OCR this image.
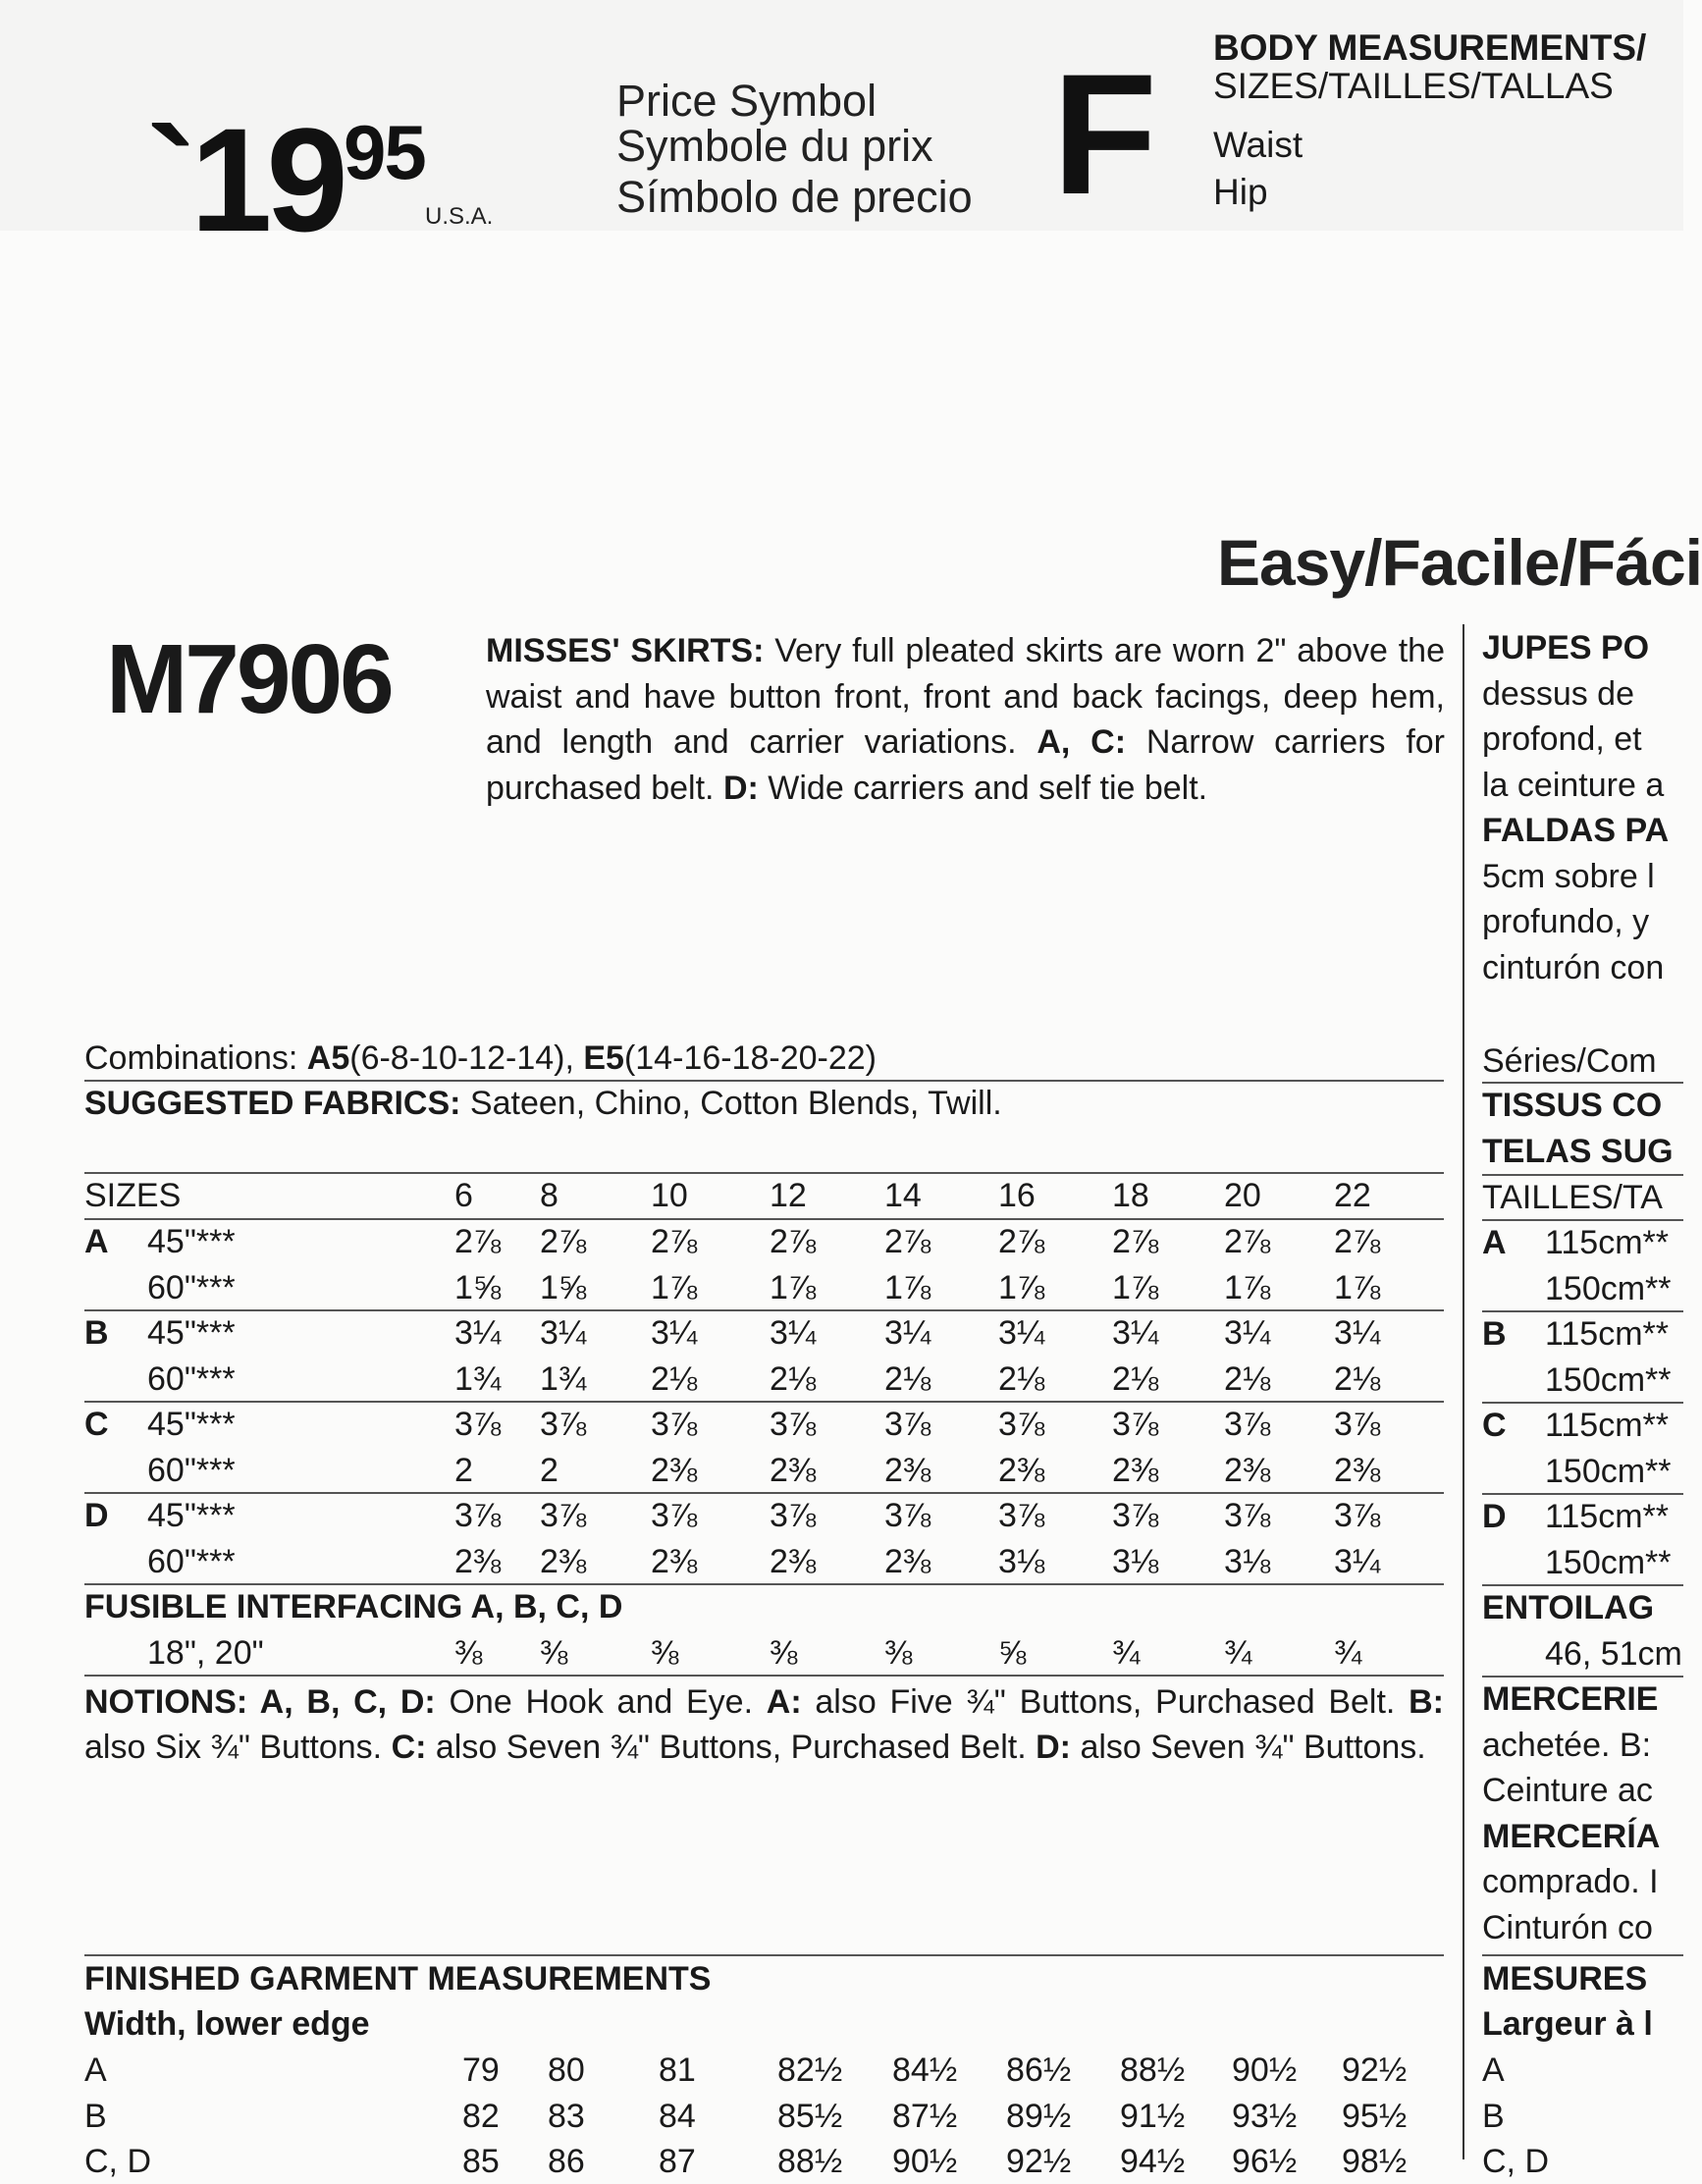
`19 95
U.S.A.
Price Symbol
Symbole du prix
Símbolo de precio F BODY MEASUREMENTS/
SIZES/TAILLES/TALLAS
Waist
Hip
Easy/Facile/Fáci
M7906	MISSES' SKIRTS: Very full pleated skirts are worn 2" above the waist and have button front, front and back facings, deep hem, and length and carrier variations. A, C: Narrow carriers for purchased belt. D: Wide carriers and self tie belt.
Combinations: A5(6-8-10-12-14), E5(14-16-18-20-22)
SUGGESTED FABRICS: Sateen, Chino, Cotton Blends, Twill.
SIZES	6 8	10 12 14 16 18 20 22
A 45"***	2⅞ 2⅞ 2⅞ 2⅞ 2⅞ 2⅞ 2⅞ 2⅞ 2⅞
60"***	1⅝ 1⅝ 1⅞ 1⅞ 1⅞ 1⅞ 1⅞ 1⅞ 1⅞
B 45"***	3¼ 3¼ 3¼ 3¼ 3¼ 3¼ 3¼ 3¼ 3¼
60"***	1¾ 1¾ 2⅛ 2⅛ 2⅛ 2⅛ 2⅛ 2⅛ 2⅛
C 45"***	3⅞ 3⅞ 3⅞ 3⅞ 3⅞ 3⅞ 3⅞ 3⅞ 3⅞
60"***	2 2	2⅜ 2⅜ 2⅜ 2⅜ 2⅜ 2⅜ 2⅜
D 45"***	3⅞ 3⅞ 3⅞ 3⅞ 3⅞ 3⅞ 3⅞ 3⅞ 3⅞
60"***	2⅜ 2⅜ 2⅜ 2⅜ 2⅜ 3⅛ 3⅛ 3⅛ 3¼
FUSIBLE INTERFACING A, B, C, D
18", 20"	⅜ ⅜ ⅜	⅜	⅜	⅝	¾	¾ ¾
NOTIONS: A, B, C, D: One Hook and Eye. A: also Five ¾" Buttons, Purchased Belt. B: also Six ¾" Buttons. C: also Seven ¾" Buttons, Purchased Belt. D: also Seven ¾" Buttons.
FINISHED GARMENT MEASUREMENTS
Width, lower edge
A	79 80 81 82½ 84½ 86½ 88½ 90½ 92½
B	82 83 84 85½ 87½ 89½ 91½ 93½ 95½
C, D	85 86 87 88½ 90½ 92½ 94½ 96½ 98½
JUPES PO
dessus de
profond, et
la ceinture a
FALDAS PA
5cm sobre l
profundo, y
cinturón con
Séries/Com
TISSUS CO
TELAS SUG
TAILLES/TA
A 115cm**
150cm**
B 115cm**
150cm**
C 115cm**
150cm**
D 115cm**
150cm**
ENTOILAG
46, 51cm
MERCERIE
achetée. B:
Ceinture ac
MERCERÍA
comprado. I
Cinturón co
MESURES
Largeur à l
A
B
C, D
